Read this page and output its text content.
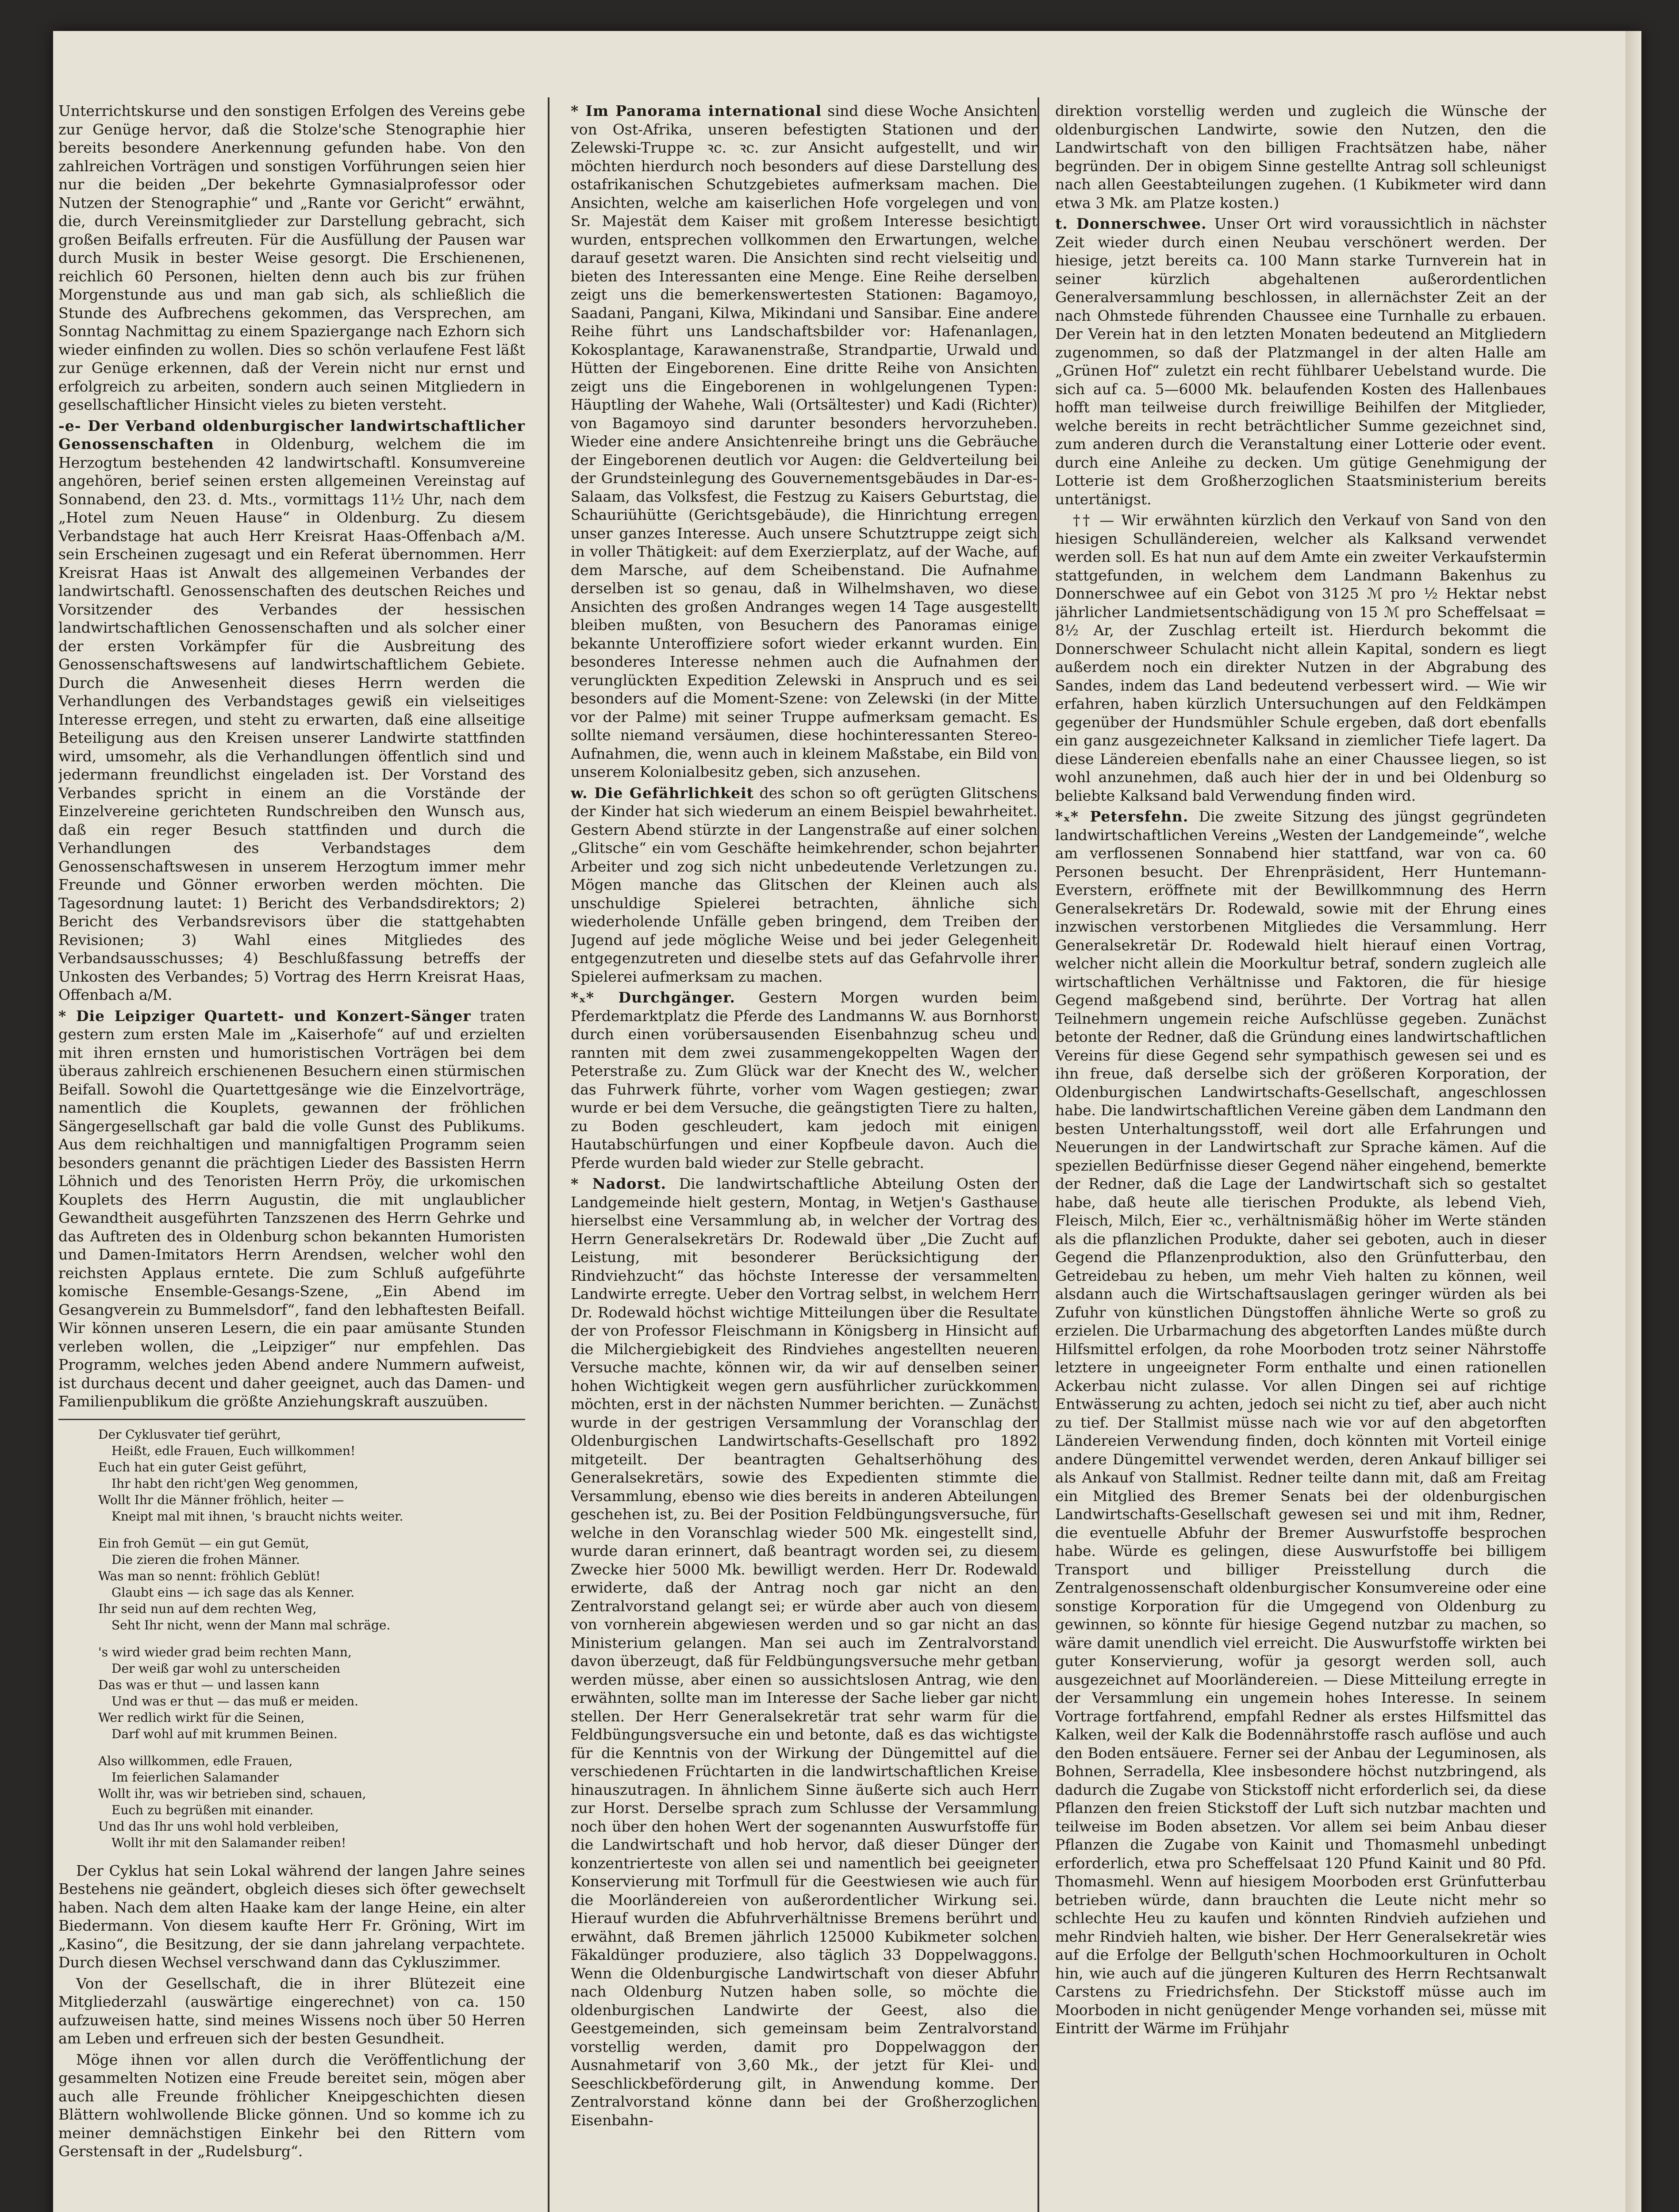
Unterrichtskurse und den sonstigen Erfolgen des Vereins gebe zur Genüge hervor, daß die Stolze'sche Stenographie hier bereits besondere Anerkennung gefunden habe. Von den zahlreichen Vorträgen und sonstigen Vorführungen seien hier nur die beiden „Der bekehrte Gymnasialprofessor oder Nutzen der Stenographie“ und „Rante vor Gericht“ erwähnt, die, durch Vereinsmitglieder zur Darstellung gebracht, sich großen Beifalls erfreuten. Für die Ausfüllung der Pausen war durch Musik in bester Weise gesorgt. Die Erschienenen, reichlich 60 Personen, hielten denn auch bis zur frühen Morgenstunde aus und man gab sich, als schließlich die Stunde des Aufbrechens gekommen, das Versprechen, am Sonntag Nachmittag zu einem Spaziergange nach Ezhorn sich wieder einfinden zu wollen. Dies so schön verlaufene Fest läßt zur Genüge erkennen, daß der Verein nicht nur ernst und erfolgreich zu arbeiten, sondern auch seinen Mitgliedern in gesellschaftlicher Hinsicht vieles zu bieten versteht.

-e- Der Verband oldenburgischer landwirtschaftlicher Genossenschaften in Oldenburg, welchem die im Herzogtum bestehenden 42 landwirtschaftl. Konsumvereine angehören, berief seinen ersten allgemeinen Vereinstag auf Sonnabend, den 23. d. Mts., vormittags 11½ Uhr, nach dem „Hotel zum Neuen Hause“ in Oldenburg. Zu diesem Verbandstage hat auch Herr Kreisrat Haas-Offenbach a/M. sein Erscheinen zugesagt und ein Referat übernommen. Herr Kreisrat Haas ist Anwalt des allgemeinen Verbandes der landwirtschaftl. Genossenschaften des deutschen Reiches und Vorsitzender des Verbandes der hessischen landwirtschaftlichen Genossenschaften und als solcher einer der ersten Vorkämpfer für die Ausbreitung des Genossenschaftswesens auf landwirtschaftlichem Gebiete. Durch die Anwesenheit dieses Herrn werden die Verhandlungen des Verbandstages gewiß ein vielseitiges Interesse erregen, und steht zu erwarten, daß eine allseitige Beteiligung aus den Kreisen unserer Landwirte stattfinden wird, umsomehr, als die Verhandlungen öffentlich sind und jedermann freundlichst eingeladen ist. Der Vorstand des Verbandes spricht in einem an die Vorstände der Einzelvereine gerichteten Rundschreiben den Wunsch aus, daß ein reger Besuch stattfinden und durch die Verhandlungen des Verbandstages dem Genossenschaftswesen in unserem Herzogtum immer mehr Freunde und Gönner erworben werden möchten. Die Tagesordnung lautet: 1) Bericht des Verbandsdirektors; 2) Bericht des Verbandsrevisors über die stattgehabten Revisionen; 3) Wahl eines Mitgliedes des Verbandsausschusses; 4) Beschlußfassung betreffs der Unkosten des Verbandes; 5) Vortrag des Herrn Kreisrat Haas, Offenbach a/M.

* Die Leipziger Quartett- und Konzert-Sänger traten gestern zum ersten Male im „Kaiserhofe“ auf und erzielten mit ihren ernsten und humoristischen Vorträgen bei dem überaus zahlreich erschienenen Besuchern einen stürmischen Beifall. Sowohl die Quartettgesänge wie die Einzelvorträge, namentlich die Kouplets, gewannen der fröhlichen Sängergesellschaft gar bald die volle Gunst des Publikums. Aus dem reichhaltigen und mannigfaltigen Programm seien besonders genannt die prächtigen Lieder des Bassisten Herrn Löhnich und des Tenoristen Herrn Pröy, die urkomischen Kouplets des Herrn Augustin, die mit unglaublicher Gewandtheit ausgeführten Tanzszenen des Herrn Gehrke und das Auftreten des in Oldenburg schon bekannten Humoristen und Damen-Imitators Herrn Arendsen, welcher wohl den reichsten Applaus erntete. Die zum Schluß aufgeführte komische Ensemble-Gesangs-Szene, „Ein Abend im Gesangverein zu Bummelsdorf“, fand den lebhaftesten Beifall. Wir können unseren Lesern, die ein paar amüsante Stunden verleben wollen, die „Leipziger“ nur empfehlen. Das Programm, welches jeden Abend andere Nummern aufweist, ist durchaus decent und daher geeignet, auch das Damen- und Familienpublikum die größte Anziehungskraft auszuüben.

Der Cyklusvater tief gerührt,
Heißt, edle Frauen, Euch willkommen!
Euch hat ein guter Geist geführt,
Ihr habt den richt'gen Weg genommen,
Wollt Ihr die Männer fröhlich, heiter —
Kneipt mal mit ihnen, 's braucht nichts weiter.
Ein froh Gemüt — ein gut Gemüt,
Die zieren die frohen Männer.
Was man so nennt: fröhlich Geblüt!
Glaubt eins — ich sage das als Kenner.
Ihr seid nun auf dem rechten Weg,
Seht Ihr nicht, wenn der Mann mal schräge.
's wird wieder grad beim rechten Mann,
Der weiß gar wohl zu unterscheiden
Das was er thut — und lassen kann
Und was er thut — das muß er meiden.
Wer redlich wirkt für die Seinen,
Darf wohl auf mit krummen Beinen.
Also willkommen, edle Frauen,
Im feierlichen Salamander
Wollt ihr, was wir betrieben sind, schauen,
Euch zu begrüßen mit einander.
Und das Ihr uns wohl hold verbleiben,
Wollt ihr mit den Salamander reiben!

Der Cyklus hat sein Lokal während der langen Jahre seines Bestehens nie geändert, obgleich dieses sich öfter gewechselt haben. Nach dem alten Haake kam der lange Heine, ein alter Biedermann. Von diesem kaufte Herr Fr. Gröning, Wirt im „Kasino“, die Besitzung, der sie dann jahrelang verpachtete. Durch diesen Wechsel verschwand dann das Cykluszimmer.

Von der Gesellschaft, die in ihrer Blütezeit eine Mitgliederzahl (auswärtige eingerechnet) von ca. 150 aufzuweisen hatte, sind meines Wissens noch über 50 Herren am Leben und erfreuen sich der besten Gesundheit.

Möge ihnen vor allen durch die Veröffentlichung der gesammelten Notizen eine Freude bereitet sein, mögen aber auch alle Freunde fröhlicher Kneipgeschichten diesen Blättern wohlwollende Blicke gönnen. Und so komme ich zu meiner demnächstigen Einkehr bei den Rittern vom Gerstensaft in der „Rudelsburg“.

* Im Panorama international sind diese Woche Ansichten von Ost-Afrika, unseren befestigten Stationen und der Zelewski-Truppe ꝛc. ꝛc. zur Ansicht aufgestellt, und wir möchten hierdurch noch besonders auf diese Darstellung des ostafrikanischen Schutzgebietes aufmerksam machen. Die Ansichten, welche am kaiserlichen Hofe vorgelegen und von Sr. Majestät dem Kaiser mit großem Interesse besichtigt wurden, entsprechen vollkommen den Erwartungen, welche darauf gesetzt waren. Die Ansichten sind recht vielseitig und bieten des Interessanten eine Menge. Eine Reihe derselben zeigt uns die bemerkenswertesten Stationen: Bagamoyo, Saadani, Pangani, Kilwa, Mikindani und Sansibar. Eine andere Reihe führt uns Landschaftsbilder vor: Hafenanlagen, Kokosplantage, Karawanenstraße, Strandpartie, Urwald und Hütten der Eingeborenen. Eine dritte Reihe von Ansichten zeigt uns die Eingeborenen in wohlgelungenen Typen: Häuptling der Wahehe, Wali (Ortsältester) und Kadi (Richter) von Bagamoyo sind darunter besonders hervorzuheben. Wieder eine andere Ansichtenreihe bringt uns die Gebräuche der Eingeborenen deutlich vor Augen: die Geldverteilung bei der Grundsteinlegung des Gouvernementsgebäudes in Dar-es-Salaam, das Volksfest, die Festzug zu Kaisers Geburtstag, die Schauriühütte (Gerichtsgebäude), die Hinrichtung erregen unser ganzes Interesse. Auch unsere Schutztruppe zeigt sich in voller Thätigkeit: auf dem Exerzierplatz, auf der Wache, auf dem Marsche, auf dem Scheibenstand. Die Aufnahme derselben ist so genau, daß in Wilhelmshaven, wo diese Ansichten des großen Andranges wegen 14 Tage ausgestellt bleiben mußten, von Besuchern des Panoramas einige bekannte Unteroffiziere sofort wieder erkannt wurden. Ein besonderes Interesse nehmen auch die Aufnahmen der verunglückten Expedition Zelewski in Anspruch und es sei besonders auf die Moment-Szene: von Zelewski (in der Mitte vor der Palme) mit seiner Truppe aufmerksam gemacht. Es sollte niemand versäumen, diese hochinteressanten Stereo-Aufnahmen, die, wenn auch in kleinem Maßstabe, ein Bild von unserem Kolonialbesitz geben, sich anzusehen.

w. Die Gefährlichkeit des schon so oft gerügten Glitschens der Kinder hat sich wiederum an einem Beispiel bewahrheitet. Gestern Abend stürzte in der Langenstraße auf einer solchen „Glitsche“ ein vom Geschäfte heimkehrender, schon bejahrter Arbeiter und zog sich nicht unbedeutende Verletzungen zu. Mögen manche das Glitschen der Kleinen auch als unschuldige Spielerei betrachten, ähnliche sich wiederholende Unfälle geben bringend, dem Treiben der Jugend auf jede mögliche Weise und bei jeder Gelegenheit entgegenzutreten und dieselbe stets auf das Gefahrvolle ihrer Spielerei aufmerksam zu machen.

*ₓ* Durchgänger. Gestern Morgen wurden beim Pferdemarktplatz die Pferde des Landmanns W. aus Bornhorst durch einen vorübersausenden Eisenbahnzug scheu und rannten mit dem zwei zusammengekoppelten Wagen der Peterstraße zu. Zum Glück war der Knecht des W., welcher das Fuhrwerk führte, vorher vom Wagen gestiegen; zwar wurde er bei dem Versuche, die geängstigten Tiere zu halten, zu Boden geschleudert, kam jedoch mit einigen Hautabschürfungen und einer Kopfbeule davon. Auch die Pferde wurden bald wieder zur Stelle gebracht.

* Nadorst. Die landwirtschaftliche Abteilung Osten der Landgemeinde hielt gestern, Montag, in Wetjen's Gasthause hierselbst eine Versammlung ab, in welcher der Vortrag des Herrn Generalsekretärs Dr. Rodewald über „Die Zucht auf Leistung, mit besonderer Berücksichtigung der Rindviehzucht“ das höchste Interesse der versammelten Landwirte erregte. Ueber den Vortrag selbst, in welchem Herr Dr. Rodewald höchst wichtige Mitteilungen über die Resultate der von Professor Fleischmann in Königsberg in Hinsicht auf die Milchergiebigkeit des Rindviehes angestellten neueren Versuche machte, können wir, da wir auf denselben seiner hohen Wichtigkeit wegen gern ausführlicher zurückkommen möchten, erst in der nächsten Nummer berichten. — Zunächst wurde in der gestrigen Versammlung der Voranschlag der Oldenburgischen Landwirtschafts-Gesellschaft pro 1892 mitgeteilt. Der beantragten Gehaltserhöhung des Generalsekretärs, sowie des Expedienten stimmte die Versammlung, ebenso wie dies bereits in anderen Abteilungen geschehen ist, zu. Bei der Position Feldbüngungsversuche, für welche in den Voranschlag wieder 500 Mk. eingestellt sind, wurde daran erinnert, daß beantragt worden sei, zu diesem Zwecke hier 5000 Mk. bewilligt werden. Herr Dr. Rodewald erwiderte, daß der Antrag noch gar nicht an den Zentralvorstand gelangt sei; er würde aber auch von diesem von vornherein abgewiesen werden und so gar nicht an das Ministerium gelangen. Man sei auch im Zentralvorstand davon überzeugt, daß für Feldbüngungsversuche mehr getban werden müsse, aber einen so aussichtslosen Antrag, wie den erwähnten, sollte man im Interesse der Sache lieber gar nicht stellen. Der Herr Generalsekretär trat sehr warm für die Feldbüngungsversuche ein und betonte, daß es das wichtigste für die Kenntnis von der Wirkung der Düngemittel auf die verschiedenen Früchtarten in die landwirtschaftlichen Kreise hinauszutragen. In ähnlichem Sinne äußerte sich auch Herr zur Horst. Derselbe sprach zum Schlusse der Versammlung noch über den hohen Wert der sogenannten Auswurfstoffe für die Landwirtschaft und hob hervor, daß dieser Dünger der konzentrierteste von allen sei und namentlich bei geeigneter Konservierung mit Torfmull für die Geestwiesen wie auch für die Moorländereien von außerordentlicher Wirkung sei. Hierauf wurden die Abfuhrverhältnisse Bremens berührt und erwähnt, daß Bremen jährlich 125000 Kubikmeter solchen Fäkaldünger produziere, also täglich 33 Doppelwaggons. Wenn die Oldenburgische Landwirtschaft von dieser Abfuhr nach Oldenburg Nutzen haben solle, so möchte die oldenburgischen Landwirte der Geest, also die Geestgemeinden, sich gemeinsam beim Zentralvorstand vorstellig werden, damit pro Doppelwaggon der Ausnahmetarif von 3,60 Mk., der jetzt für Klei- und Seeschlickbeförderung gilt, in Anwendung komme. Der Zentralvorstand könne dann bei der Großherzoglichen Eisenbahn-

direktion vorstellig werden und zugleich die Wünsche der oldenburgischen Landwirte, sowie den Nutzen, den die Landwirtschaft von den billigen Frachtsätzen habe, näher begründen. Der in obigem Sinne gestellte Antrag soll schleunigst nach allen Geestabteilungen zugehen. (1 Kubikmeter wird dann etwa 3 Mk. am Platze kosten.)

t. Donnerschwee. Unser Ort wird voraussichtlich in nächster Zeit wieder durch einen Neubau verschönert werden. Der hiesige, jetzt bereits ca. 100 Mann starke Turnverein hat in seiner kürzlich abgehaltenen außerordentlichen Generalversammlung beschlossen, in allernächster Zeit an der nach Ohmstede führenden Chaussee eine Turnhalle zu erbauen. Der Verein hat in den letzten Monaten bedeutend an Mitgliedern zugenommen, so daß der Platzmangel in der alten Halle am „Grünen Hof“ zuletzt ein recht fühlbarer Uebelstand wurde. Die sich auf ca. 5—6000 Mk. belaufenden Kosten des Hallenbaues hofft man teilweise durch freiwillige Beihilfen der Mitglieder, welche bereits in recht beträchtlicher Summe gezeichnet sind, zum anderen durch die Veranstaltung einer Lotterie oder event. durch eine Anleihe zu decken. Um gütige Genehmigung der Lotterie ist dem Großherzoglichen Staatsministerium bereits untertänigst.

†† — Wir erwähnten kürzlich den Verkauf von Sand von den hiesigen Schulländereien, welcher als Kalksand verwendet werden soll. Es hat nun auf dem Amte ein zweiter Verkaufstermin stattgefunden, in welchem dem Landmann Bakenhus zu Donnerschwee auf ein Gebot von 3125 ℳ pro ½ Hektar nebst jährlicher Landmietsentschädigung von 15 ℳ pro Scheffelsaat = 8½ Ar, der Zuschlag erteilt ist. Hierdurch bekommt die Donnerschweer Schulacht nicht allein Kapital, sondern es liegt außerdem noch ein direkter Nutzen in der Abgrabung des Sandes, indem das Land bedeutend verbessert wird. — Wie wir erfahren, haben kürzlich Untersuchungen auf den Feldkämpen gegenüber der Hundsmühler Schule ergeben, daß dort ebenfalls ein ganz ausgezeichneter Kalksand in ziemlicher Tiefe lagert. Da diese Ländereien ebenfalls nahe an einer Chaussee liegen, so ist wohl anzunehmen, daß auch hier der in und bei Oldenburg so beliebte Kalksand bald Verwendung finden wird.

*ₓ* Petersfehn. Die zweite Sitzung des jüngst gegründeten landwirtschaftlichen Vereins „Westen der Landgemeinde“, welche am verflossenen Sonnabend hier stattfand, war von ca. 60 Personen besucht. Der Ehrenpräsident, Herr Huntemann-Everstern, eröffnete mit der Bewillkommnung des Herrn Generalsekretärs Dr. Rodewald, sowie mit der Ehrung eines inzwischen verstorbenen Mitgliedes die Versammlung. Herr Generalsekretär Dr. Rodewald hielt hierauf einen Vortrag, welcher nicht allein die Moorkultur betraf, sondern zugleich alle wirtschaftlichen Verhältnisse und Faktoren, die für hiesige Gegend maßgebend sind, berührte. Der Vortrag hat allen Teilnehmern ungemein reiche Aufschlüsse gegeben. Zunächst betonte der Redner, daß die Gründung eines landwirtschaftlichen Vereins für diese Gegend sehr sympathisch gewesen sei und es ihn freue, daß derselbe sich der größeren Korporation, der Oldenburgischen Landwirtschafts-Gesellschaft, angeschlossen habe. Die landwirtschaftlichen Vereine gäben dem Landmann den besten Unterhaltungsstoff, weil dort alle Erfahrungen und Neuerungen in der Landwirtschaft zur Sprache kämen. Auf die speziellen Bedürfnisse dieser Gegend näher eingehend, bemerkte der Redner, daß die Lage der Landwirtschaft sich so gestaltet habe, daß heute alle tierischen Produkte, als lebend Vieh, Fleisch, Milch, Eier ꝛc., verhältnismäßig höher im Werte ständen als die pflanzlichen Produkte, daher sei geboten, auch in dieser Gegend die Pflanzenproduktion, also den Grünfutterbau, den Getreidebau zu heben, um mehr Vieh halten zu können, weil alsdann auch die Wirtschaftsauslagen geringer würden als bei Zufuhr von künstlichen Düngstoffen ähnliche Werte so groß zu erzielen. Die Urbarmachung des abgetorften Landes müßte durch Hilfsmittel erfolgen, da rohe Moorboden trotz seiner Nährstoffe letztere in ungeeigneter Form enthalte und einen rationellen Ackerbau nicht zulasse. Vor allen Dingen sei auf richtige Entwässerung zu achten, jedoch sei nicht zu tief, aber auch nicht zu tief. Der Stallmist müsse nach wie vor auf den abgetorften Ländereien Verwendung finden, doch könnten mit Vorteil einige andere Düngemittel verwendet werden, deren Ankauf billiger sei als Ankauf von Stallmist. Redner teilte dann mit, daß am Freitag ein Mitglied des Bremer Senats bei der oldenburgischen Landwirtschafts-Gesellschaft gewesen sei und mit ihm, Redner, die eventuelle Abfuhr der Bremer Auswurfstoffe besprochen habe. Würde es gelingen, diese Auswurfstoffe bei billigem Transport und billiger Preisstellung durch die Zentralgenossenschaft oldenburgischer Konsumvereine oder eine sonstige Korporation für die Umgegend von Oldenburg zu gewinnen, so könnte für hiesige Gegend nutzbar zu machen, so wäre damit unendlich viel erreicht. Die Auswurfstoffe wirkten bei guter Konservierung, wofür ja gesorgt werden soll, auch ausgezeichnet auf Moorländereien. — Diese Mitteilung erregte in der Versammlung ein ungemein hohes Interesse. In seinem Vortrage fortfahrend, empfahl Redner als erstes Hilfsmittel das Kalken, weil der Kalk die Bodennährstoffe rasch auflöse und auch den Boden entsäuere. Ferner sei der Anbau der Leguminosen, als Bohnen, Serradella, Klee insbesondere höchst nutzbringend, als dadurch die Zugabe von Stickstoff nicht erforderlich sei, da diese Pflanzen den freien Stickstoff der Luft sich nutzbar machten und teilweise im Boden absetzen. Vor allem sei beim Anbau dieser Pflanzen die Zugabe von Kainit und Thomasmehl unbedingt erforderlich, etwa pro Scheffelsaat 120 Pfund Kainit und 80 Pfd. Thomasmehl. Wenn auf hiesigem Moorboden erst Grünfutterbau betrieben würde, dann brauchten die Leute nicht mehr so schlechte Heu zu kaufen und könnten Rindvieh aufziehen und mehr Rindvieh halten, wie bisher. Der Herr Generalsekretär wies auf die Erfolge der Bellguth'schen Hochmoorkulturen in Ocholt hin, wie auch auf die jüngeren Kulturen des Herrn Rechtsanwalt Carstens zu Friedrichsfehn. Der Stickstoff müsse auch im Moorboden in nicht genügender Menge vorhanden sei, müsse mit Eintritt der Wärme im Frühjahr
